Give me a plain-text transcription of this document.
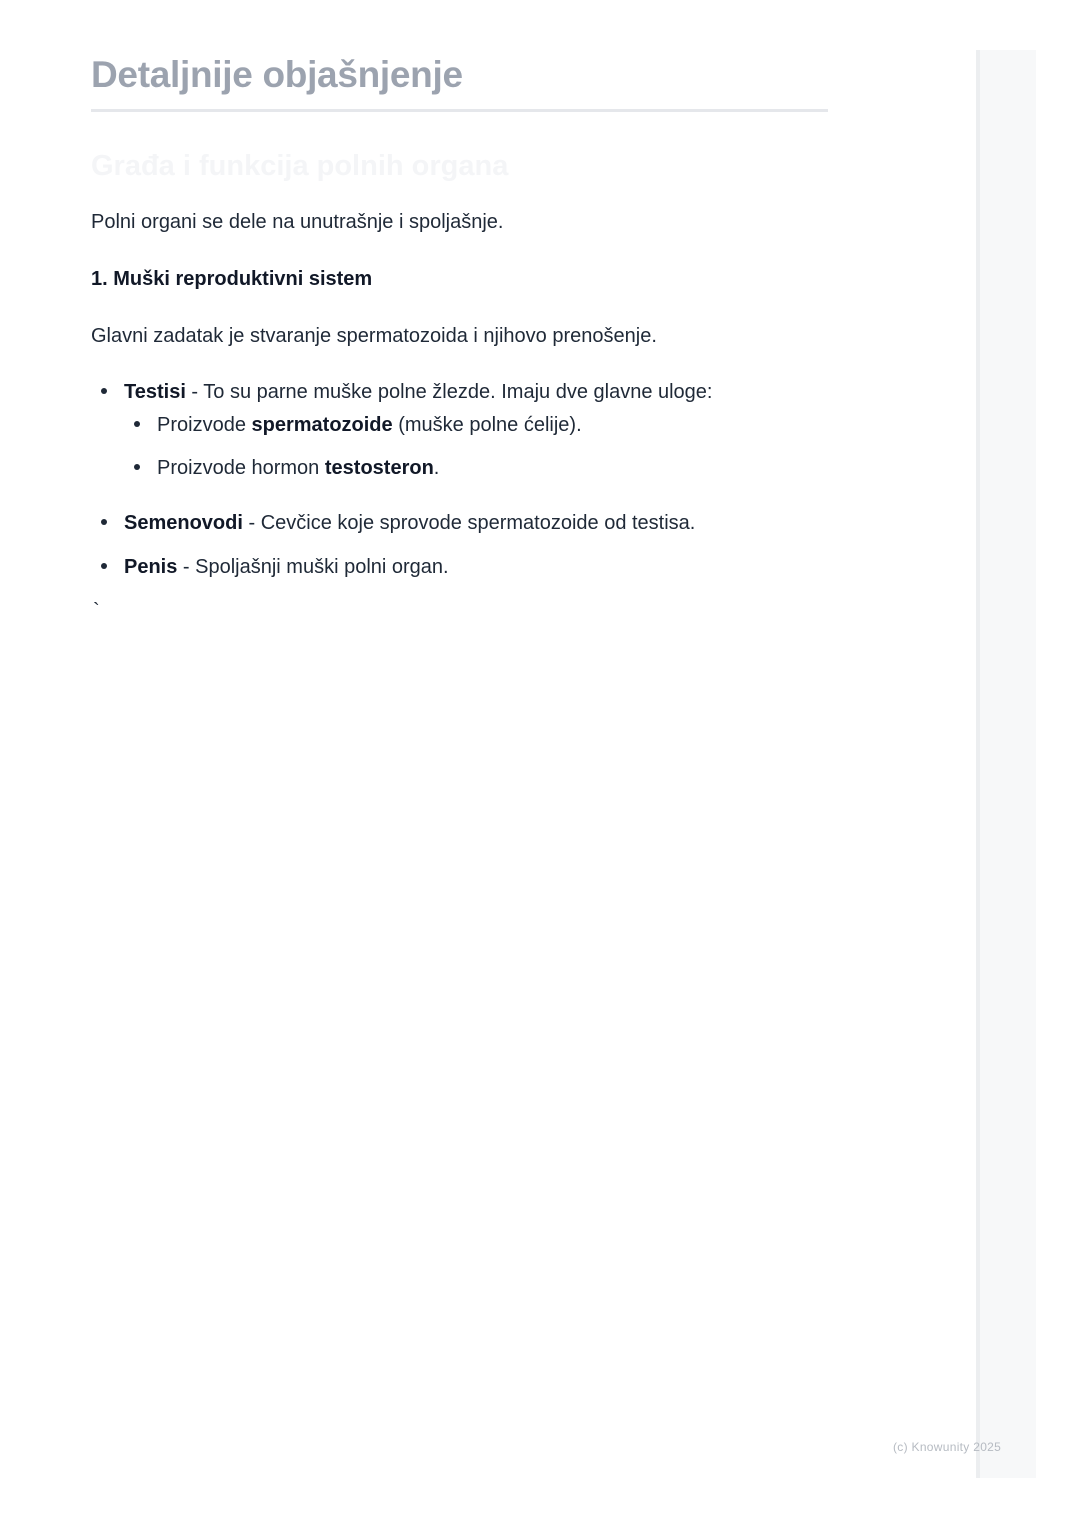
Detaljnije objašnjenje
Građa i funkcija polnih organa

Polni organi se dele na unutrašnje i spoljašnje.

1. Muški reproduktivni sistem

Glavni zadatak je stvaranje spermatozoida i njihovo prenošenje.

Testisi - To su parne muške polne žlezde. Imaju dve glavne uloge:
Proizvode spermatozoide (muške polne ćelije).
Proizvode hormon testosteron.
Semenovodi - Cevčice koje sprovode spermatozoide od testisa.
Penis - Spoljašnji muški polni organ.
`
(c) Knowunity 2025
